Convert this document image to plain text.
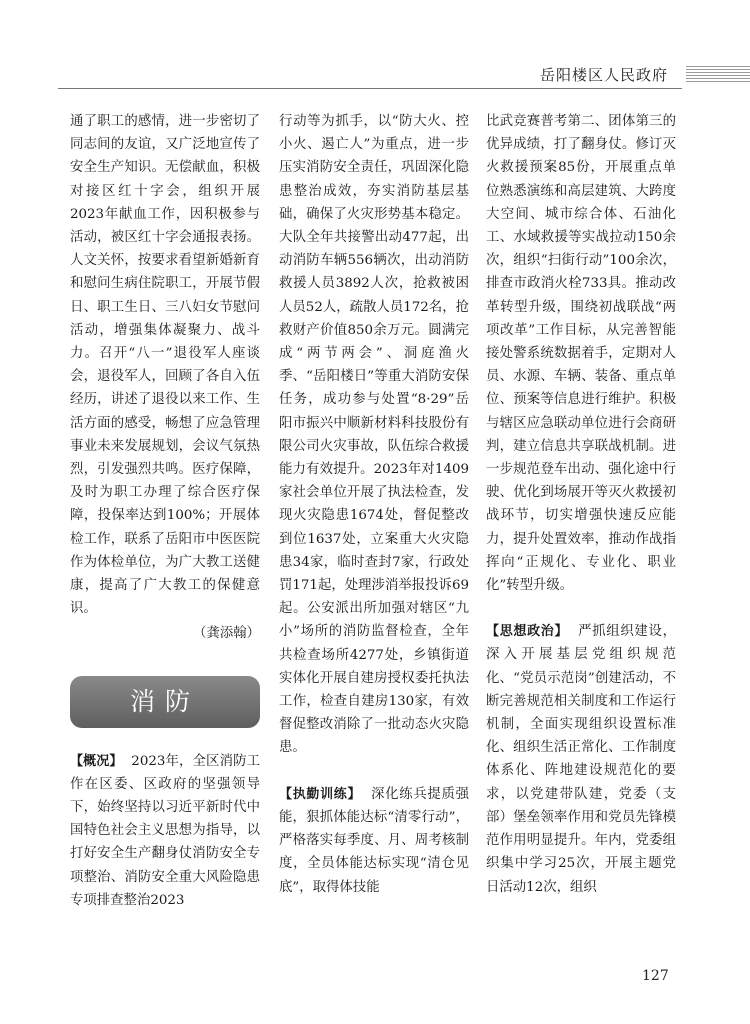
岳阳楼区人民政府

通了职工的感情，进一步密切了同志间的友谊，又广泛地宣传了安全生产知识。无偿献血，积极对接区红十字会，组织开展2023年献血工作，因积极参与活动，被区红十字会通报表扬。人文关怀，按要求看望新婚新育和慰问生病住院职工，开展节假日、职工生日、三八妇女节慰问活动，增强集体凝聚力、战斗力。召开“八一”退役军人座谈会，退役军人，回顾了各自入伍经历，讲述了退役以来工作、生活方面的感受，畅想了应急管理事业未来发展规划，会议气氛热烈，引发强烈共鸣。医疗保障，及时为职工办理了综合医疗保障，投保率达到100%；开展体检工作，联系了岳阳市中医医院作为体检单位，为广大教工送健康，提高了广大教工的保健意识。

（龚添翰）

消防

【概况】 2023年，全区消防工作在区委、区政府的坚强领导下，始终坚持以习近平新时代中国特色社会主义思想为指导，以打好安全生产翻身仗消防安全专项整治、消防安全重大风险隐患专项排查整治2023

行动等为抓手，以“防大火、控小火、遏亡人”为重点，进一步压实消防安全责任，巩固深化隐患整治成效，夯实消防基层基础，确保了火灾形势基本稳定。大队全年共接警出动477起，出动消防车辆556辆次，出动消防救援人员3892人次，抢救被困人员52人，疏散人员172名，抢救财产价值850余万元。圆满完成“两节两会”、洞庭渔火季、“岳阳楼日”等重大消防安保任务，成功参与处置“8·29”岳阳市振兴中顺新材料科技股份有限公司火灾事故，队伍综合救援能力有效提升。2023年对1409家社会单位开展了执法检查，发现火灾隐患1674处，督促整改到位1637处，立案重大火灾隐患34家，临时查封7家，行政处罚171起，处理涉消举报投诉69起。公安派出所加强对辖区“九小”场所的消防监督检查，全年共检查场所4277处，乡镇街道实体化开展自建房授权委托执法工作，检查自建房130家，有效督促整改消除了一批动态火灾隐患。

【执勤训练】 深化练兵提质强能，狠抓体能达标“清零行动”，严格落实每季度、月、周考核制度，全员体能达标实现“清仓见底”，取得体技能

比武竞赛普考第二、团体第三的优异成绩，打了翻身仗。修订灭火救援预案85份，开展重点单位熟悉演练和高层建筑、大跨度大空间、城市综合体、石油化工、水域救援等实战拉动150余次，组织“扫街行动”100余次，排查市政消火栓733具。推动改革转型升级，围绕初战联战“两项改革”工作目标，从完善智能接处警系统数据着手，定期对人员、水源、车辆、装备、重点单位、预案等信息进行维护。积极与辖区应急联动单位进行会商研判，建立信息共享联战机制。进一步规范登车出动、强化途中行驶、优化到场展开等灭火救援初战环节，切实增强快速反应能力，提升处置效率，推动作战指挥向“正规化、专业化、职业化”转型升级。

【思想政治】 严抓组织建设，深入开展基层党组织规范化、“党员示范岗”创建活动，不断完善规范相关制度和工作运行机制，全面实现组织设置标准化、组织生活正常化、工作制度体系化、阵地建设规范化的要求，以党建带队建，党委（支部）堡垒领率作用和党员先锋模范作用明显提升。年内，党委组织集中学习25次，开展主题党日活动12次，组织

127
